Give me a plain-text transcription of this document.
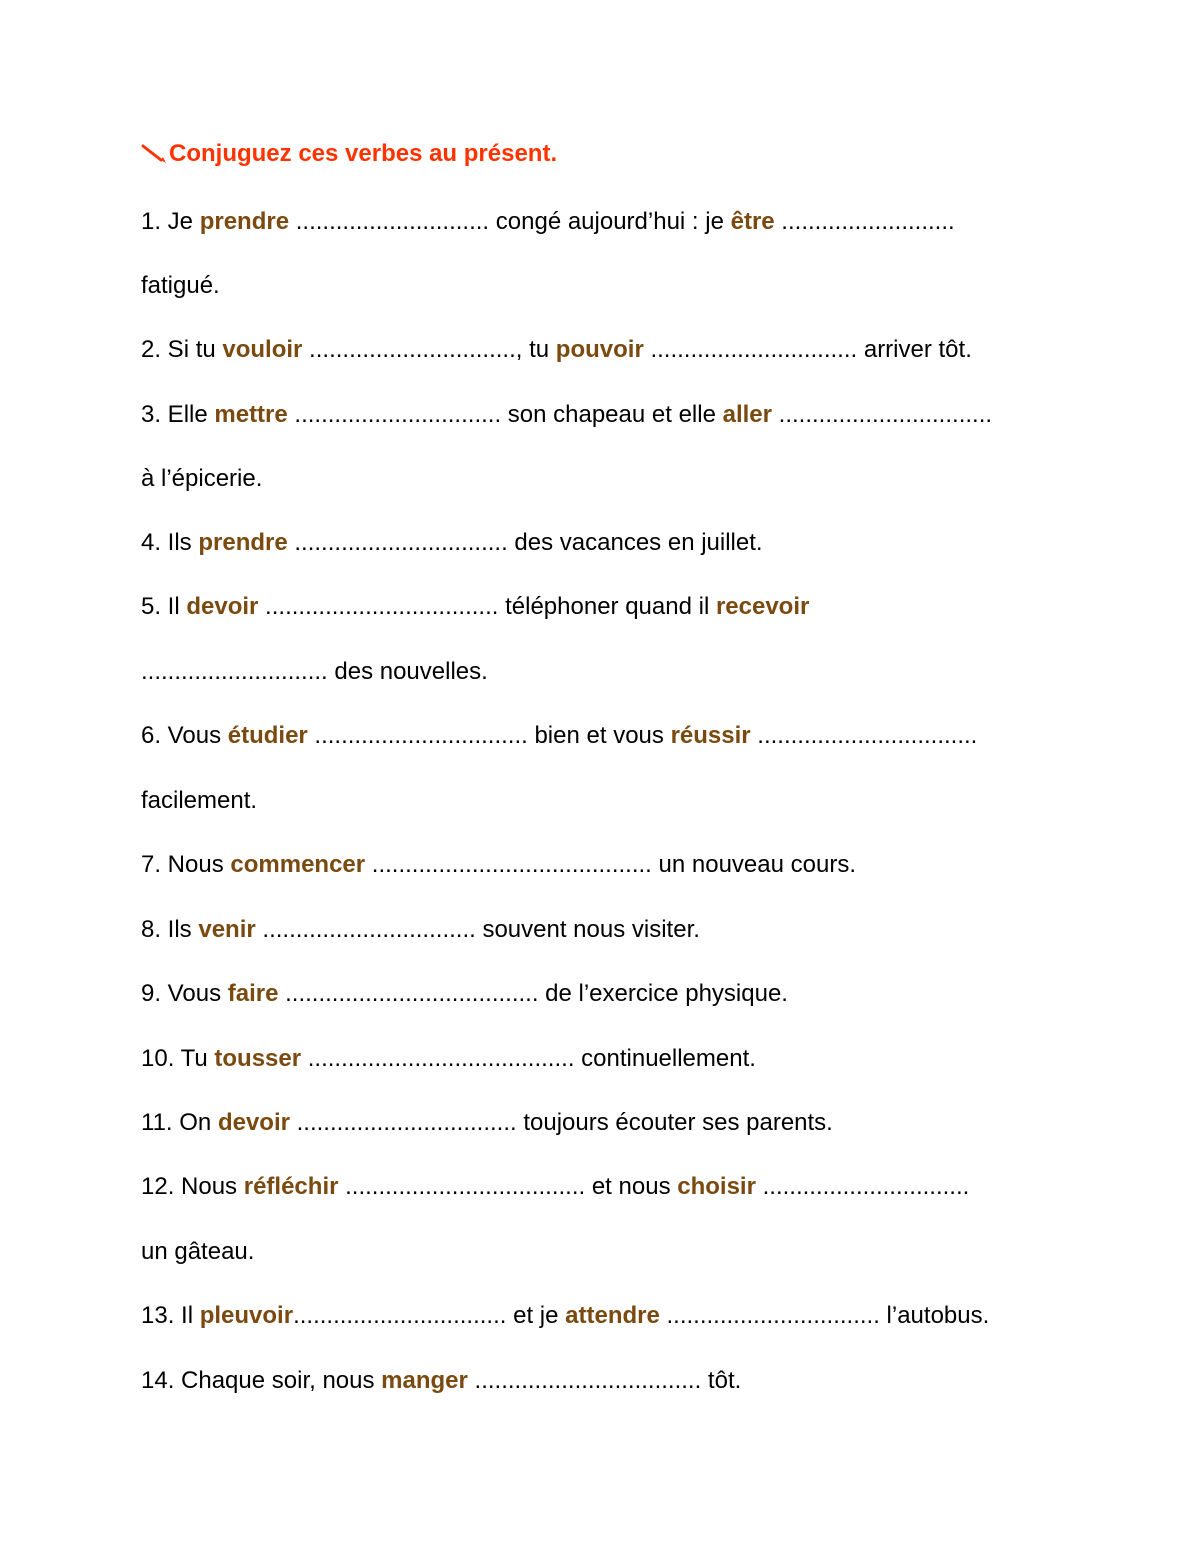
Conjuguez ces verbes au présent.
1. Je prendre ............................. congé aujourd’hui : je être ..........................
fatigué.
2. Si tu vouloir ..............................., tu pouvoir ............................... arriver tôt.
3. Elle mettre ............................... son chapeau et elle aller ................................
à l’épicerie.
4. Ils prendre ................................ des vacances en juillet.
5. Il devoir ................................... téléphoner quand il recevoir
............................ des nouvelles.
6. Vous étudier ................................ bien et vous réussir .................................
facilement.
7. Nous commencer .......................................... un nouveau cours.
8. Ils venir ................................ souvent nous visiter.
9. Vous faire ...................................... de l’exercice physique.
10. Tu tousser ........................................ continuellement.
11. On devoir ................................. toujours écouter ses parents.
12. Nous réfléchir .................................... et nous choisir ...............................
un gâteau.
13. Il pleuvoir................................ et je attendre ................................ l’autobus.
14. Chaque soir, nous manger .................................. tôt.
